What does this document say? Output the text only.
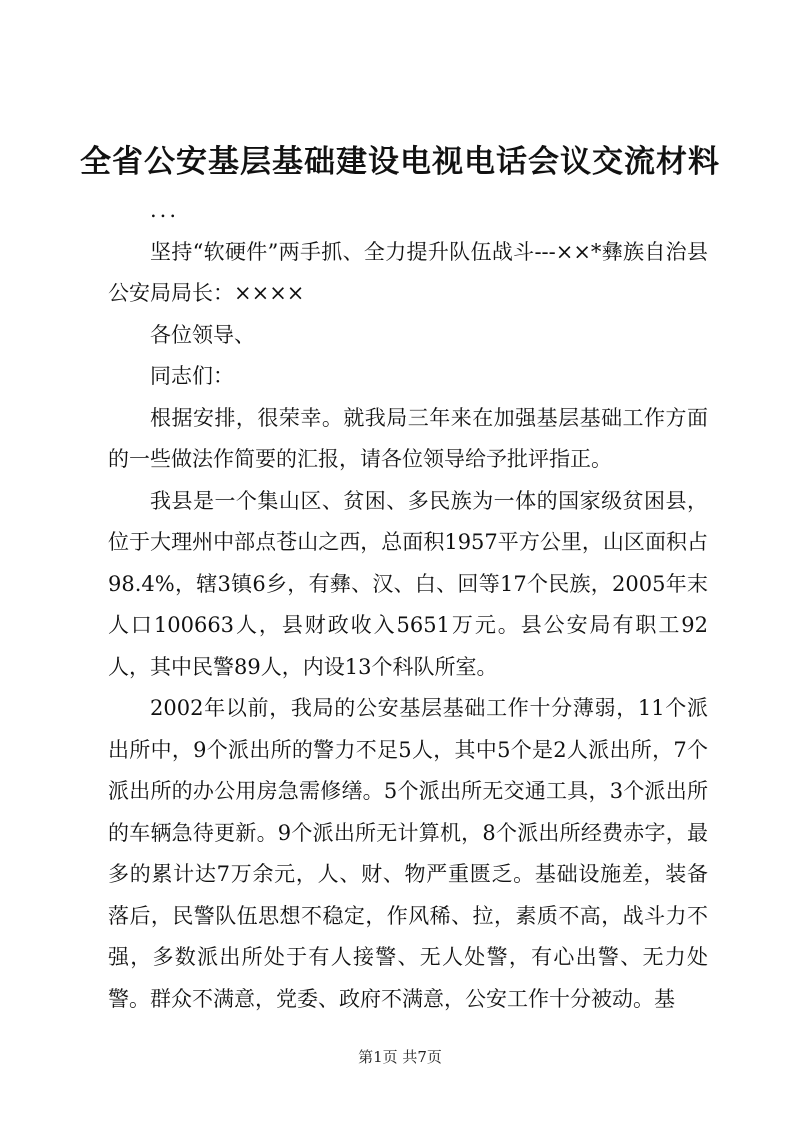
全省公安基层基础建设电视电话会议交流材料

...

坚持“软硬件”两手抓、全力提升队伍战斗---××*彝族自治县公安局局长：××××

各位领导、

同志们：

根据安排，很荣幸。就我局三年来在加强基层基础工作方面的一些做法作简要的汇报，请各位领导给予批评指正。

我县是一个集山区、贫困、多民族为一体的国家级贫困县，位于大理州中部点苍山之西，总面积1957平方公里，山区面积占98.4%，辖3镇6乡，有彝、汉、白、回等17个民族，2005年末人口100663人，县财政收入5651万元。县公安局有职工92人，其中民警89人，内设13个科队所室。

2002年以前，我局的公安基层基础工作十分薄弱，11个派出所中，9个派出所的警力不足5人，其中5个是2人派出所，7个派出所的办公用房急需修缮。5个派出所无交通工具，3个派出所的车辆急待更新。9个派出所无计算机，8个派出所经费赤字，最多的累计达7万余元，人、财、物严重匮乏。基础设施差，装备落后，民警队伍思想不稳定，作风稀、拉，素质不高，战斗力不强，多数派出所处于有人接警、无人处警，有心出警、无力处警。群众不满意，党委、政府不满意，公安工作十分被动。基

第1页 共7页
